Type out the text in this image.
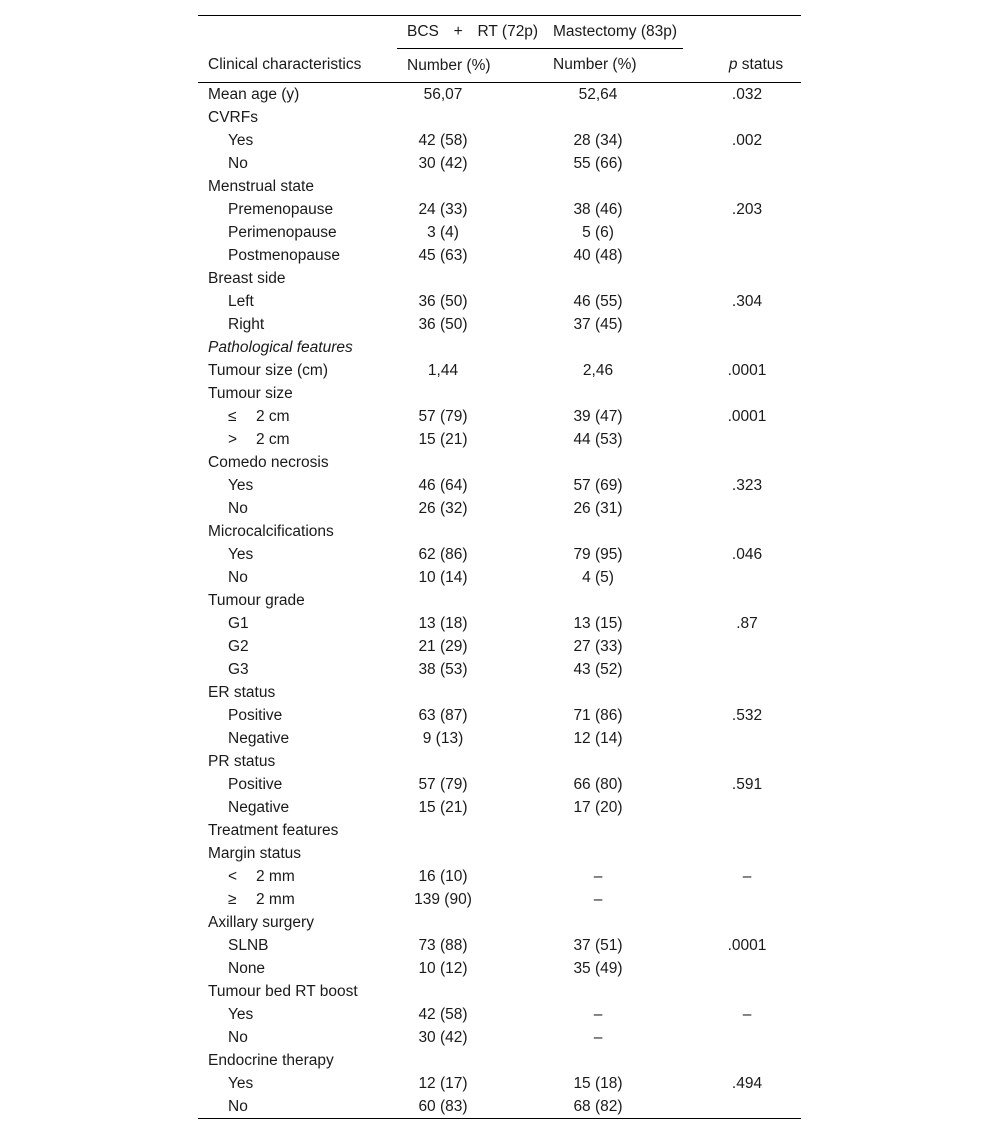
	BCS + RT (72p)	Mastectomy (83p)

Clinical characteristics	Number (%)	Number (%)	p status
Mean age (y)	56,07	52,64	.032
CVRFs			
Yes	42 (58)	28 (34)	.002
No	30 (42)	55 (66)	
Menstrual state			
Premenopause	24 (33)	38 (46)	.203
Perimenopause	3 (4)	5 (6)	
Postmenopause	45 (63)	40 (48)	
Breast side			
Left	36 (50)	46 (55)	.304
Right	36 (50)	37 (45)	
Pathological features			
Tumour size (cm)	1,44	2,46	.0001
Tumour size			
≤ 2 cm	57 (79)	39 (47)	.0001
> 2 cm	15 (21)	44 (53)	
Comedo necrosis			
Yes	46 (64)	57 (69)	.323
No	26 (32)	26 (31)	
Microcalcifications			
Yes	62 (86)	79 (95)	.046
No	10 (14)	4 (5)	
Tumour grade			
G1	13 (18)	13 (15)	.87
G2	21 (29)	27 (33)	
G3	38 (53)	43 (52)	
ER status			
Positive	63 (87)	71 (86)	.532
Negative	9 (13)	12 (14)	
PR status			
Positive	57 (79)	66 (80)	.591
Negative	15 (21)	17 (20)	
Treatment features			
Margin status			
< 2 mm	16 (10)	–	–
≥ 2 mm	139 (90)	–	
Axillary surgery			
SLNB	73 (88)	37 (51)	.0001
None	10 (12)	35 (49)	
Tumour bed RT boost			
Yes	42 (58)	–	–
No	30 (42)	–	
Endocrine therapy			
Yes	12 (17)	15 (18)	.494
No	60 (83)	68 (82)	
